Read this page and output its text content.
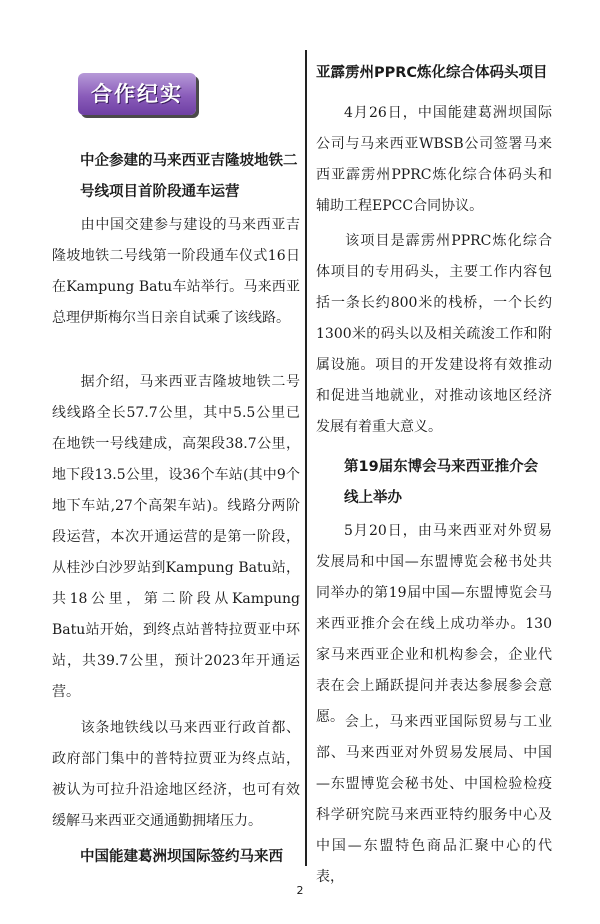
合作纪实
中企参建的马来西亚吉隆坡地铁二号线项目首阶段通车运营
由中国交建参与建设的马来西亚吉隆坡地铁二号线第一阶段通车仪式16日在Kampung Batu车站举行。马来西亚总理伊斯梅尔当日亲自试乘了该线路。
据介绍，马来西亚吉隆坡地铁二号线线路全长57.7公里，其中5.5公里已在地铁一号线建成，高架段38.7公里，地下段13.5公里，设36个车站(其中9个地下车站,27个高架车站)。线路分两阶段运营，本次开通运营的是第一阶段，从桂沙白沙罗站到Kampung Batu站，共18公里，第二阶段从Kampung Batu站开始，到终点站普特拉贾亚中环站，共39.7公里，预计2023年开通运营。
该条地铁线以马来西亚行政首都、政府部门集中的普特拉贾亚为终点站，被认为可拉升沿途地区经济，也可有效缓解马来西亚交通通勤拥堵压力。
中国能建葛洲坝国际签约马来西
亚霹雳州PPRC炼化综合体码头项目
4月26日，中国能建葛洲坝国际公司与马来西亚WBSB公司签署马来西亚霹雳州PPRC炼化综合体码头和辅助工程EPCC合同协议。
该项目是霹雳州PPRC炼化综合体项目的专用码头，主要工作内容包括一条长约800米的栈桥，一个长约1300米的码头以及相关疏浚工作和附属设施。项目的开发建设将有效推动和促进当地就业，对推动该地区经济发展有着重大意义。
第19届东博会马来西亚推介会线上举办
5月20日，由马来西亚对外贸易发展局和中国—东盟博览会秘书处共同举办的第19届中国—东盟博览会马来西亚推介会在线上成功举办。130家马来西亚企业和机构参会，企业代表在会上踊跃提问并表达参展参会意愿。 会上，马来西亚国际贸易与工业部、马来西亚对外贸易发展局、中国—东盟博览会秘书处、中国检验检疫科学研究院马来西亚特约服务中心及中国—东盟特色商品汇聚中心的代表，
2
